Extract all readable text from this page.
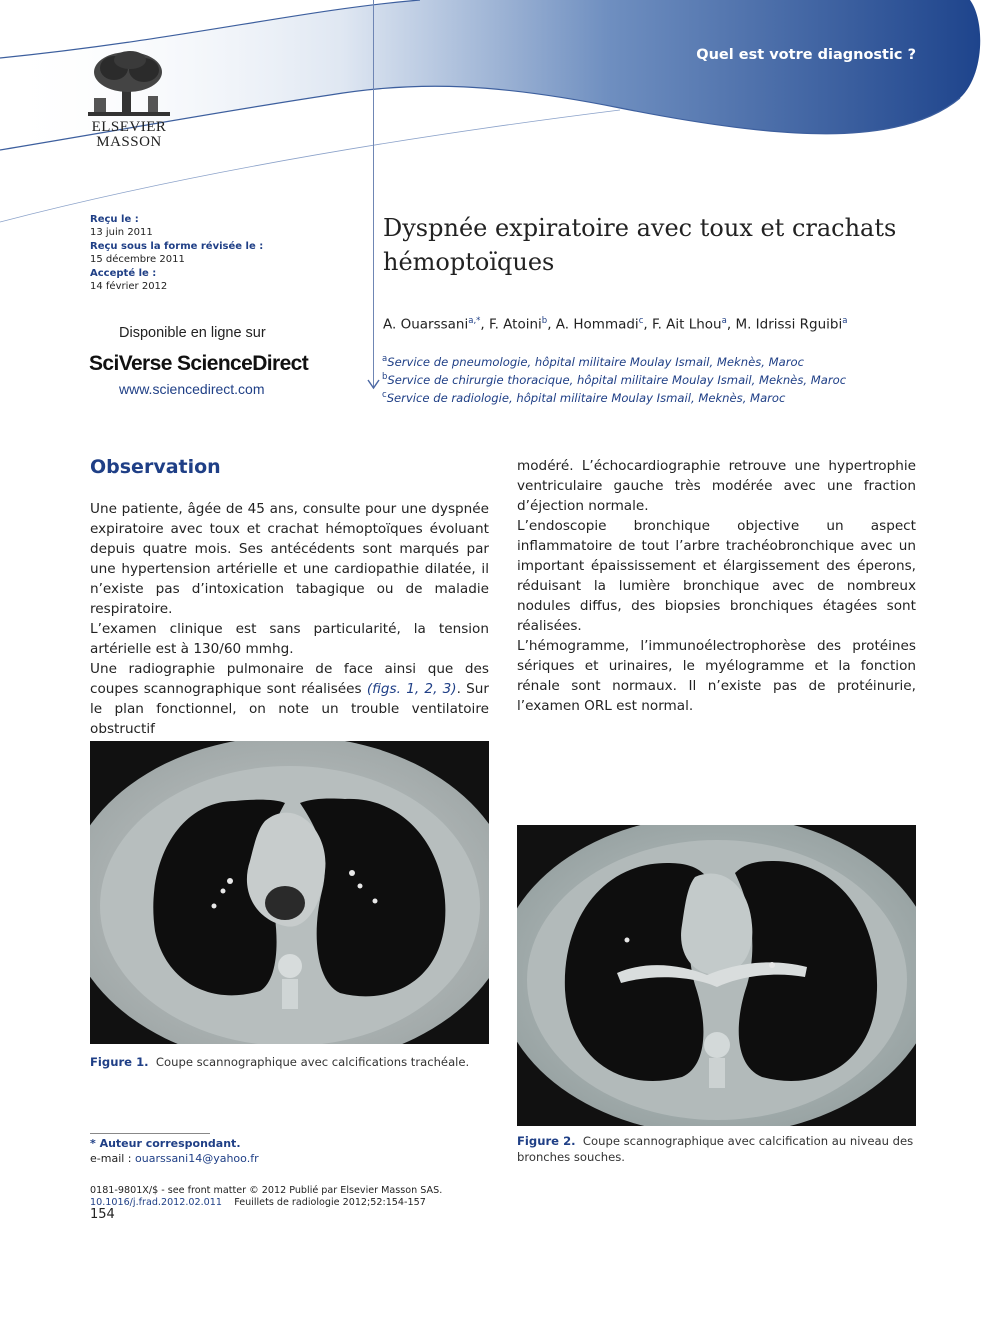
Quel est votre diagnostic ?
ELSEVIER
MASSON
Reçu le :
13 juin 2011
Reçu sous la forme révisée le :
15 décembre 2011
Accepté le :
14 février 2012
Disponible en ligne sur
SciVerse ScienceDirect
www.sciencedirect.com
Dyspnée expiratoire avec toux et crachats hémoptoïques
A. Ouarssani$^{a,*}$, F. Atoini$^b$, A. Hommadi$^c$, F. Ait Lhou$^a$, M. Idrissi Rguibi$^a$
$^a$Service de pneumologie, hôpital militaire Moulay Ismail, Meknès, Maroc
$^b$Service de chirurgie thoracique, hôpital militaire Moulay Ismail, Meknès, Maroc
$^c$Service de radiologie, hôpital militaire Moulay Ismail, Meknès, Maroc
Observation

Une patiente, âgée de 45 ans, consulte pour une dyspnée expiratoire avec toux et crachat hémoptoïques évoluant depuis quatre mois. Ses antécédents sont marqués par une hypertension artérielle et une cardiopathie dilatée, il n’existe pas d’intoxication tabagique ou de maladie respiratoire.

L’examen clinique est sans particularité, la tension artérielle est à 130/60 mmhg.

Une radiographie pulmonaire de face ainsi que des coupes scannographique sont réalisées (figs. 1, 2, 3). Sur le plan fonctionnel, on note un trouble ventilatoire obstructif

modéré. L’échocardiographie retrouve une hypertrophie ventriculaire gauche très modérée avec une fraction d’éjection normale.

L’endoscopie bronchique objective un aspect inflammatoire de tout l’arbre trachéobronchique avec un important épaississement et élargissement des éperons, réduisant la lumière bronchique avec de nombreux nodules diffus, des biopsies bronchiques étagées sont réalisées.

L’hémogramme, l’immunoélectrophorèse des protéines sériques et urinaires, le myélogramme et la fonction rénale sont normaux. Il n’existe pas de protéinurie, l’examen ORL est normal.

Figure 1. Coupe scannographique avec calcifications trachéale.
Figure 2. Coupe scannographique avec calcification au niveau des bronches souches.
* Auteur correspondant.
e-mail : ouarssani14@yahoo.fr
0181-9801X/$ - see front matter © 2012 Publié par Elsevier Masson SAS.
10.1016/j.frad.2012.02.011 Feuillets de radiologie 2012;52:154-157
154
